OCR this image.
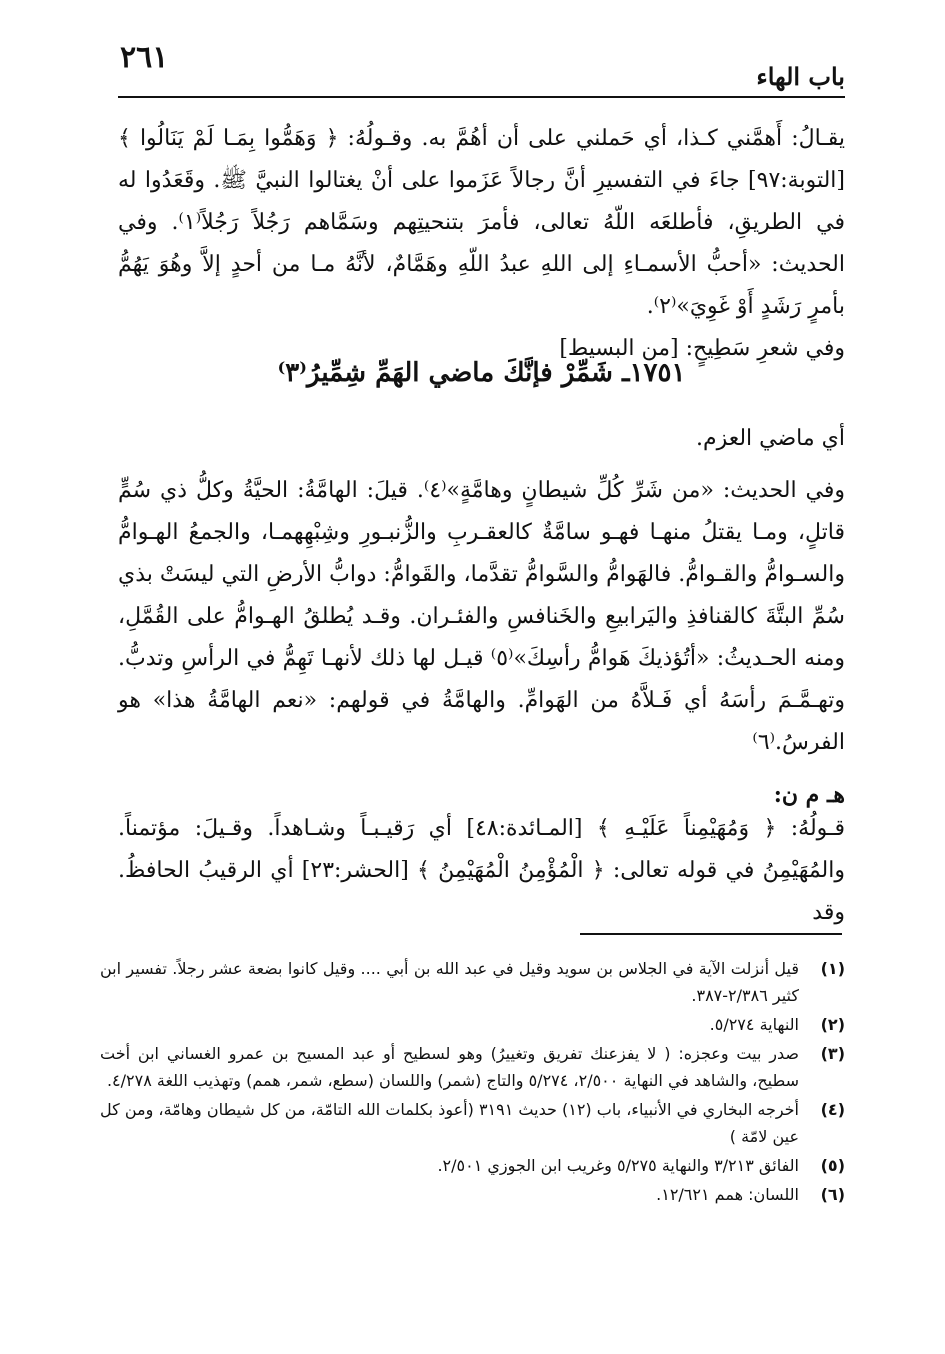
٢٦١
باب الهاء

يقـالُ: أَهمَّني كـذا، أي حَملني على أن أهُمَّ به. وقـولُهُ: ﴿ وَهَمُّوا بِمَـا لَمْ يَنَالُوا ﴾ [التوبة:٩٧] جاءَ في التفسيرِ أنَّ رجالاً عَزَموا على أنْ يغتالوا النبيَّ ﷺ. وقَعَدُوا له في الطريقِ، فأطلعَه اللّهُ تعالى، فأمرَ بتنحيتِهم وسَمَّاهم رَجُلاً رَجُلاً⁽١⁾. وفي الحديث: «أحبُّ الأسمـاءِ إلى اللهِ عبدُ اللّهِ وهَمَّامٌ، لأنَّهُ مـا من أحدٍ إلاَّ وهُوَ يَهُمُّ بأمرٍ رَشَدٍ أَوْ غَوِيَ»⁽٢⁾.

وفي شعرِ سَطِيحٍ: [من البسيط]

١٧٥١ـ شَمِّرْ فإنَّكَ ماضي الهَمِّ شِمِّيرُ⁽٣⁾

أي ماضي العزم.

وفي الحديث: «من شَرِّ كُلِّ شيطانٍ وهامَّةٍ»⁽٤⁾. قيلَ: الهامَّةُ: الحيَّةُ وكلُّ ذي سُمٍّ قاتلٍ، ومـا يقتلُ منهـا فهـو سامَّةٌ كالعقـربِ والزُّنبـورِ وشِبْهِهمـا، والجمعُ الهـوامُّ والسـوامُّ والقـوامُّ. فالهَوامُّ والسَّوامُّ تقدَّما، والقَوامُّ: دوابُّ الأرضِ التي ليسَتْ بذي سُمِّ البتَّةَ كالقنافذِ واليَرابيعِ والخَنافسِ والفئـران. وقـد يُطلقُ الهـوامُّ على القُمَّلِ، ومنه الحـديثُ: «أتُؤذيكَ هَوامُّ رأسِكَ»⁽٥⁾ قيـل لها ذلك لأنهـا تَهِمُّ في الرأسِ وتدبُّ. وتهـمَّـمَ رأسَهُ أي فَـلاَّهُ من الهَوامِّ. والهامَّةُ في قولهم: «نعم الهامَّةُ هذا» هو الفرسُ.⁽٦⁾

هـ م ن:

قـولُهُ: ﴿ وَمُهَيْمِناً عَلَيْـهِ ﴾ [المـائدة:٤٨] أي رَقيـبـاً وشـاهداً. وقـيلَ: مؤتمناً. والمُهَيْمِنُ في قوله تعالى: ﴿ الْمُؤْمِنُ الْمُهَيْمِنُ ﴾ [الحشر:٢٣] أي الرقيبُ الحافظُ. وقد

(١)
قيل أنزلت الآية في الجلاس بن سويد وقيل في عبد الله بن أبي .... وقيل كانوا بضعة عشر رجلاً. تفسير ابن كثير ٢/٣٨٦-٣٨٧.
(٢)
النهاية ٥/٢٧٤.
(٣)
صدر بيت وعجزه: ( لا يفزعنك تفريق وتغييرُ) وهو لسطيح أو عبد المسيح بن عمرو الغساني ابن أخت سطيح، والشاهد في النهاية ٢/٥٠٠، ٥/٢٧٤ والتاج (شمر) واللسان (سطع، شمر، همم) وتهذيب اللغة ٤/٢٧٨.
(٤)
أخرجه البخاري في الأنبياء، باب (١٢) حديث ٣١٩١ (أعوذ بكلمات الله التامّة، من كل شيطان وهامّة، ومن كل عين لامّة )
(٥)
الفائق ٣/٢١٣ والنهاية ٥/٢٧٥ وغريب ابن الجوزي ٢/٥٠١.
(٦)
اللسان: همم ١٢/٦٢١.
